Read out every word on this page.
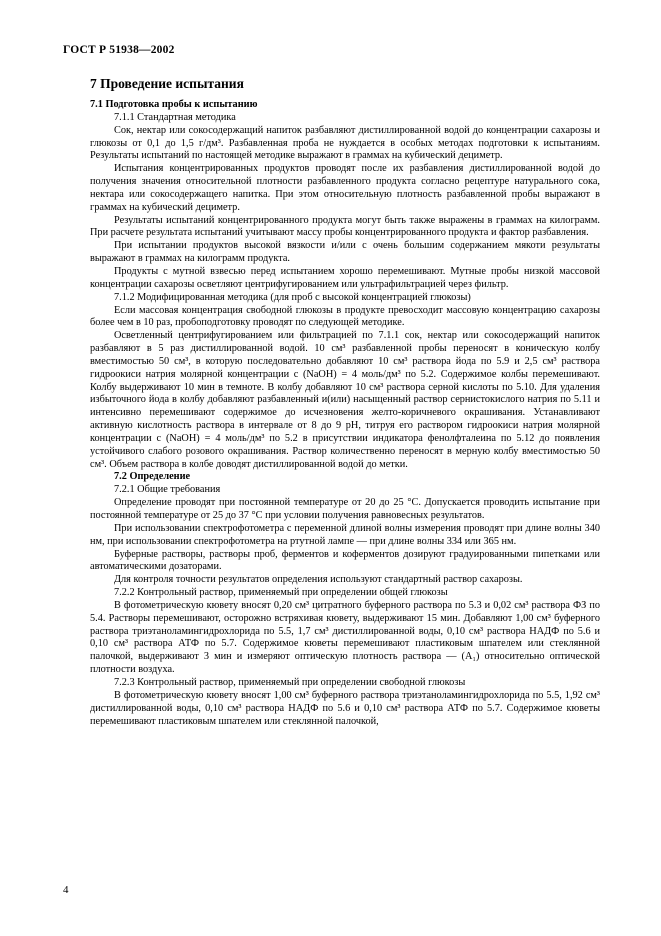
ГОСТ Р 51938—2002
7 Проведение испытания

7.1 Подготовка пробы к испытанию

7.1.1 Стандартная методика

Сок, нектар или сокосодержащий напиток разбавляют дистиллированной водой до концентрации сахарозы и глюкозы от 0,1 до 1,5 г/дм³. Разбавленная проба не нуждается в особых методах подготовки к испытаниям. Результаты испытаний по настоящей методике выражают в граммах на кубический дециметр.

Испытания концентрированных продуктов проводят после их разбавления дистиллированной водой до получения значения относительной плотности разбавленного продукта согласно рецептуре натурального сока, нектара или сокосодержащего напитка. При этом относительную плотность разбавленной пробы выражают в граммах на кубический дециметр.

Результаты испытаний концентрированного продукта могут быть также выражены в граммах на килограмм. При расчете результата испытаний учитывают массу пробы концентрированного продукта и фактор разбавления.

При испытании продуктов высокой вязкости и/или с очень большим содержанием мякоти результаты выражают в граммах на килограмм продукта.

Продукты с мутной взвесью перед испытанием хорошо перемешивают. Мутные пробы низкой массовой концентрации сахарозы осветляют центрифугированием или ультрафильтрацией через фильтр.

7.1.2 Модифицированная методика (для проб с высокой концентрацией глюкозы)

Если массовая концентрация свободной глюкозы в продукте превосходит массовую концентрацию сахарозы более чем в 10 раз, пробоподготовку проводят по следующей методике.

Осветленный центрифугированием или фильтрацией по 7.1.1 сок, нектар или сокосодержащий напиток разбавляют в 5 раз дистиллированной водой. 10 см³ разбавленной пробы переносят в коническую колбу вместимостью 50 см³, в которую последовательно добавляют 10 см³ раствора йода по 5.9 и 2,5 см³ раствора гидроокиси натрия молярной концентрации c (NaOH) = 4 моль/дм³ по 5.2. Содержимое колбы перемешивают. Колбу выдерживают 10 мин в темноте. В колбу добавляют 10 см³ раствора серной кислоты по 5.10. Для удаления избыточного йода в колбу добавляют разбавленный и(или) насыщенный раствор сернистокислого натрия по 5.11 и интенсивно перемешивают содержимое до исчезновения желто-коричневого окрашивания. Устанавливают активную кислотность раствора в интервале от 8 до 9 pH, титруя его раствором гидроокиси натрия молярной концентрации c (NaOH) = 4 моль/дм³ по 5.2 в присутствии индикатора фенолфталеина по 5.12 до появления устойчивого слабого розового окрашивания. Раствор количественно переносят в мерную колбу вместимостью 50 см³. Объем раствора в колбе доводят дистиллированной водой до метки.

7.2 Определение

7.2.1 Общие требования

Определение проводят при постоянной температуре от 20 до 25 °С. Допускается проводить испытание при постоянной температуре от 25 до 37 °С при условии получения равновесных результатов.

При использовании спектрофотометра с переменной длиной волны измерения проводят при длине волны 340 нм, при использовании спектрофотометра на ртутной лампе — при длине волны 334 или 365 нм.

Буферные растворы, растворы проб, ферментов и коферментов дозируют градуированными пипетками или автоматическими дозаторами.

Для контроля точности результатов определения используют стандартный раствор сахарозы.

7.2.2 Контрольный раствор, применяемый при определении общей глюкозы

В фотометрическую кювету вносят 0,20 см³ цитратного буферного раствора по 5.3 и 0,02 см³ раствора ФЗ по 5.4. Растворы перемешивают, осторожно встряхивая кювету, выдерживают 15 мин. Добавляют 1,00 см³ буферного раствора триэтаноламингидрохлорида по 5.5, 1,7 см³ дистиллированной воды, 0,10 см³ раствора НАДФ по 5.6 и 0,10 см³ раствора АТФ по 5.7. Содержимое кюветы перемешивают пластиковым шпателем или стеклянной палочкой, выдерживают 3 мин и измеряют оптическую плотность раствора — (A₁) относительно оптической плотности воздуха.

7.2.3 Контрольный раствор, применяемый при определении свободной глюкозы

В фотометрическую кювету вносят 1,00 см³ буферного раствора триэтаноламингидрохлорида по 5.5, 1,92 см³ дистиллированной воды, 0,10 см³ раствора НАДФ по 5.6 и 0,10 см³ раствора АТФ по 5.7. Содержимое кюветы перемешивают пластиковым шпателем или стеклянной палочкой,

4
